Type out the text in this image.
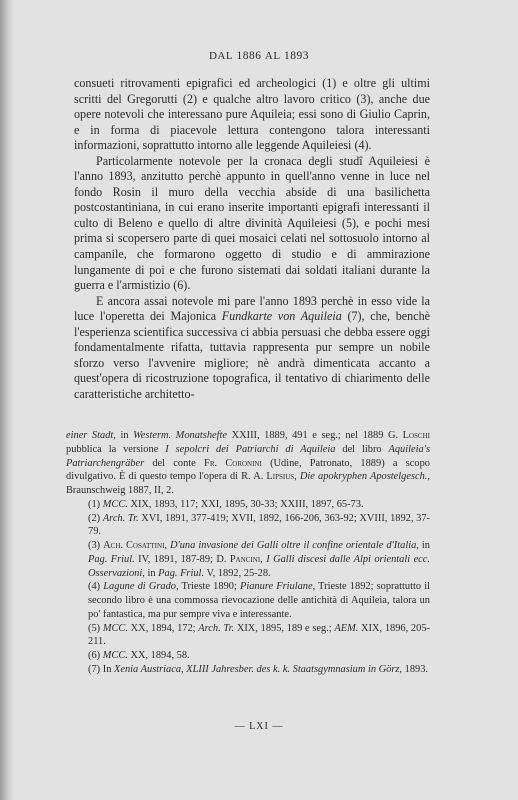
DAL 1886 AL 1893

consueti ritrovamenti epigrafici ed archeologici (1) e oltre gli ultimi scritti del Gregorutti (2) e qualche altro lavoro critico (3), anche due opere notevoli che interessano pure Aquileia; essi sono di Giulio Caprin, e in forma di piacevole lettura contengono talora interessanti informazioni, soprattutto intorno alle leggende Aquileiesi (4).

Particolarmente notevole per la cronaca degli studî Aquileiesi è l'anno 1893, anzitutto perchè appunto in quell'anno venne in luce nel fondo Rosin il muro della vecchia abside di una basilichetta postcostantiniana, in cui erano inserite importanti epigrafi interessanti il culto di Beleno e quello di altre divinità Aquileiesi (5), e pochi mesi prima si scopersero parte di quei mosaici celati nel sottosuolo intorno al campanile, che formarono oggetto di studio e di ammirazione lungamente di poi e che furono sistemati dai soldati italiani durante la guerra e l'armistizio (6).

E ancora assai notevole mi pare l'anno 1893 perchè in esso vide la luce l'operetta dei Majonica Fundkarte von Aquileia (7), che, benchè l'esperienza scientifica successiva ci abbia persuasi che debba essere oggi fondamentalmente rifatta, tuttavia rappresenta pur sempre un nobile sforzo verso l'avvenire migliore; nè andrà dimenticata accanto a quest'opera di ricostruzione topografica, il tentativo di chiarimento delle caratteristiche architetto-

einer Stadt, in Westerm. Monatshefte XXIII, 1889, 491 e seg.; nel 1889 G. Loschi pubblica la versione I sepolcri dei Patriarchi di Aquileia del libro Aquileia's Patriarchengräber del conte Fr. Coronini (Udine, Patronato, 1889) a scopo divulgativo. È di questo tempo l'opera di R. A. Lipsius, Die apokryphen Apostelgesch., Braunschweig 1887, II, 2.

(1) MCC. XIX, 1893, 117; XXI, 1895, 30-33; XXIII, 1897, 65-73.

(2) Arch. Tr. XVI, 1891, 377-419; XVII, 1892, 166-206, 363-92; XVIII, 1892, 37-79.

(3) Ach. Cosattini, D'una invasione dei Galli oltre il confine orientale d'Italia, in Pag. Friul. IV, 1891, 187-89; D. Pancini, I Galli discesi dalle Alpi orientali ecc. Osservazioni, in Pag. Friul. V, 1892, 25-28.

(4) Lagune di Grado, Trieste 1890; Pianure Friulane, Trieste 1892; soprattutto il secondo libro è una commossa rievocazione delle antichità di Aquileia, talora un po' fantastica, ma pur sempre viva e interessante.

(5) MCC. XX, 1894, 172; Arch. Tr. XIX, 1895, 189 e seg.; AEM. XIX, 1896, 205-211.

(6) MCC. XX, 1894, 58.

(7) In Xenia Austriaca, XLIII Jahresber. des k. k. Staatsgymnasium in Görz, 1893.

— LXI —
